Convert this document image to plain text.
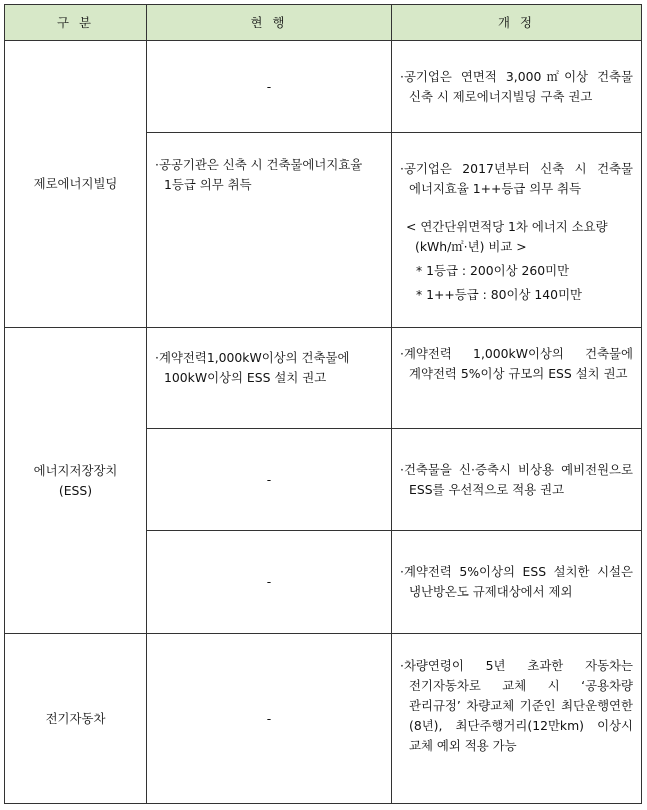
구 분	현 행	개 정
제로에너지빌딩	-	·공기업은 연면적 3,000㎡이상 건축물 신축 시 제로에너지빌딩 구축 권고

	·공공기관은 신축 시 건축물에너지효율 1등급 의무 취득	·공기업은 2017년부터 신축 시 건축물 에너지효율 1++등급 의무 취득
< 연간단위면적당 1차 에너지 소요량(kWh/㎡·년) 비교 >
* 1등급 : 200이상 260미만
* 1++등급 : 80이상 140미만

에너지저장장치
(ESS)	·계약전력1,000kW이상의 건축물에 100kW이상의 ESS 설치 권고	·계약전력 1,000kW이상의 건축물에 계약전력 5%이상 규모의 ESS 설치 권고

	-	·건축물을 신·증축시 비상용 예비전원으로 ESS를 우선적으로 적용 권고

	-	·계약전력 5%이상의 ESS 설치한 시설은 냉난방온도 규제대상에서 제외

전기자동차	-	·차량연령이 5년 초과한 자동차는 전기자동차로 교체 시 ‘공용차량 관리규정’ 차량교체 기준인 최단운행연한(8년), 최단주행거리(12만km) 이상시 교체 예외 적용 가능
